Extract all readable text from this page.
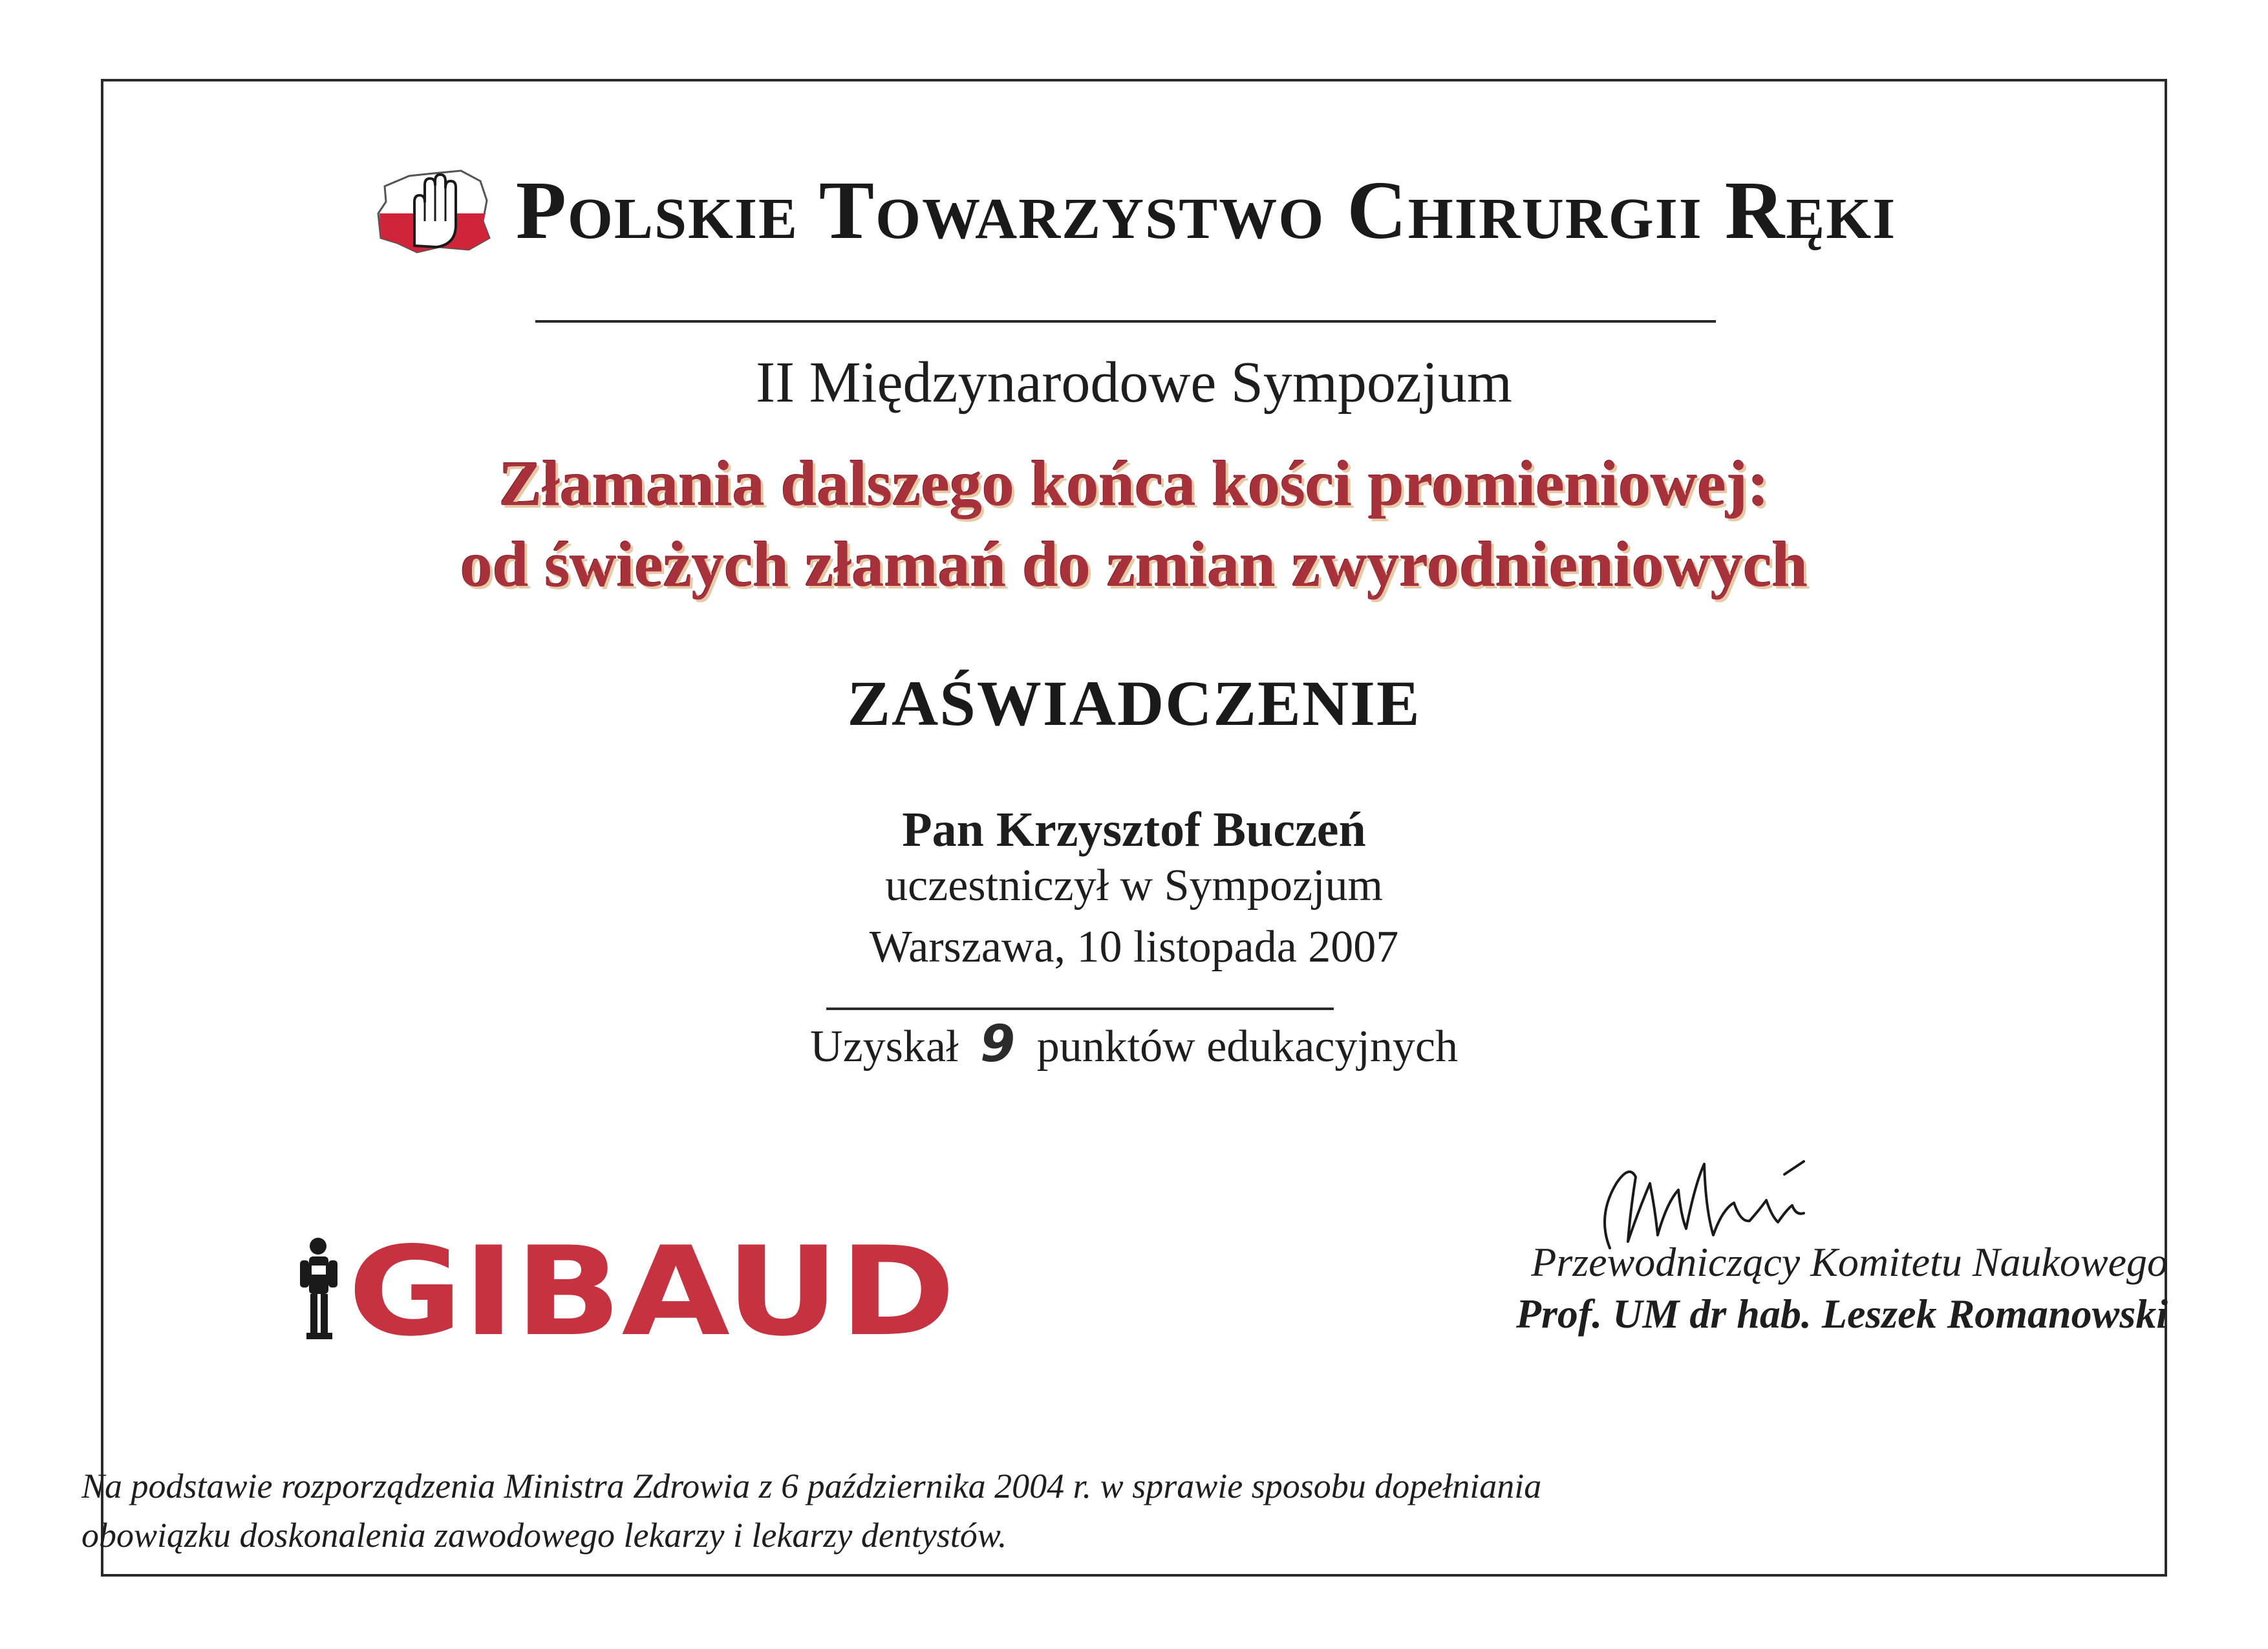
Polskie Towarzystwo Chirurgii Ręki
II Międzynarodowe Sympozjum
Złamania dalszego końca kości promieniowej:
od świeżych złamań do zmian zwyrodnieniowych
ZAŚWIADCZENIE
Pan Krzysztof Buczeń
uczestniczył w Sympozjum
Warszawa, 10 listopada 2007
Uzyskał 9 punktów edukacyjnych
GIBAUD	Przewodniczący Komitetu Naukowego
Prof. UM dr hab. Leszek Romanowski
Na podstawie rozporządzenia Ministra Zdrowia z 6 października 2004 r. w sprawie sposobu dopełniania
obowiązku doskonalenia zawodowego lekarzy i lekarzy dentystów.
